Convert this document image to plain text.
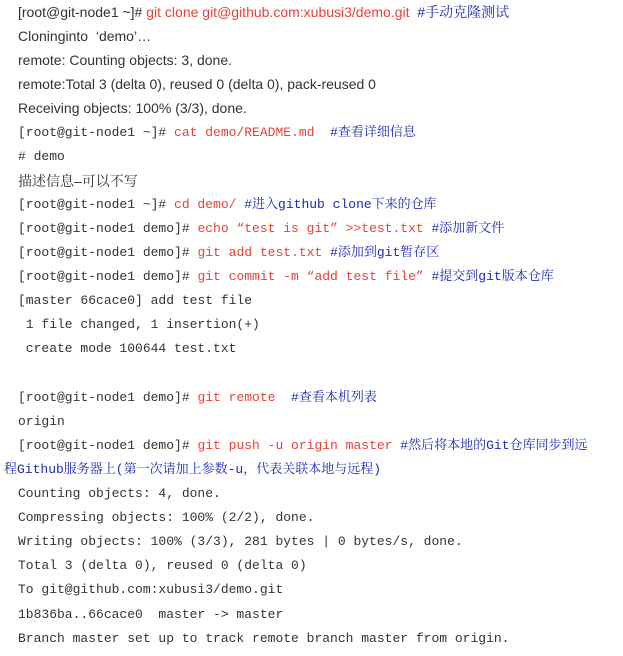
[root@git-node1 ~]# git clone git@github.com:xubusi3/demo.git  #手动克隆测试
Cloninginto  ‘demo’…
remote: Counting objects: 3, done.
remote:Total 3 (delta 0), reused 0 (delta 0), pack-reused 0
Receiving objects: 100% (3/3), done.
[root@git-node1 ~]# cat demo/README.md  #查看详细信息
# demo
描述信息–可以不写
[root@git-node1 ~]# cd demo/ #进入github clone下来的仓库
[root@git-node1 demo]# echo “test is git” >>test.txt #添加新文件
[root@git-node1 demo]# git add test.txt #添加到git暂存区
[root@git-node1 demo]# git commit -m “add test file” #提交到git版本仓库
[master 66cace0] add test file
1 file changed, 1 insertion(+)
create mode 100644 test.txt
[root@git-node1 demo]# git remote  #查看本机列表
origin
[root@git-node1 demo]# git push -u origin master #然后将本地的Git仓库同步到远
程Github服务器上(第一次请加上参数-u，代表关联本地与远程)
Counting objects: 4, done.
Compressing objects: 100% (2/2), done.
Writing objects: 100% (3/3), 281 bytes | 0 bytes/s, done.
Total 3 (delta 0), reused 0 (delta 0)
To git@github.com:xubusi3/demo.git
1b836ba..66cace0  master -> master
Branch master set up to track remote branch master from origin.
